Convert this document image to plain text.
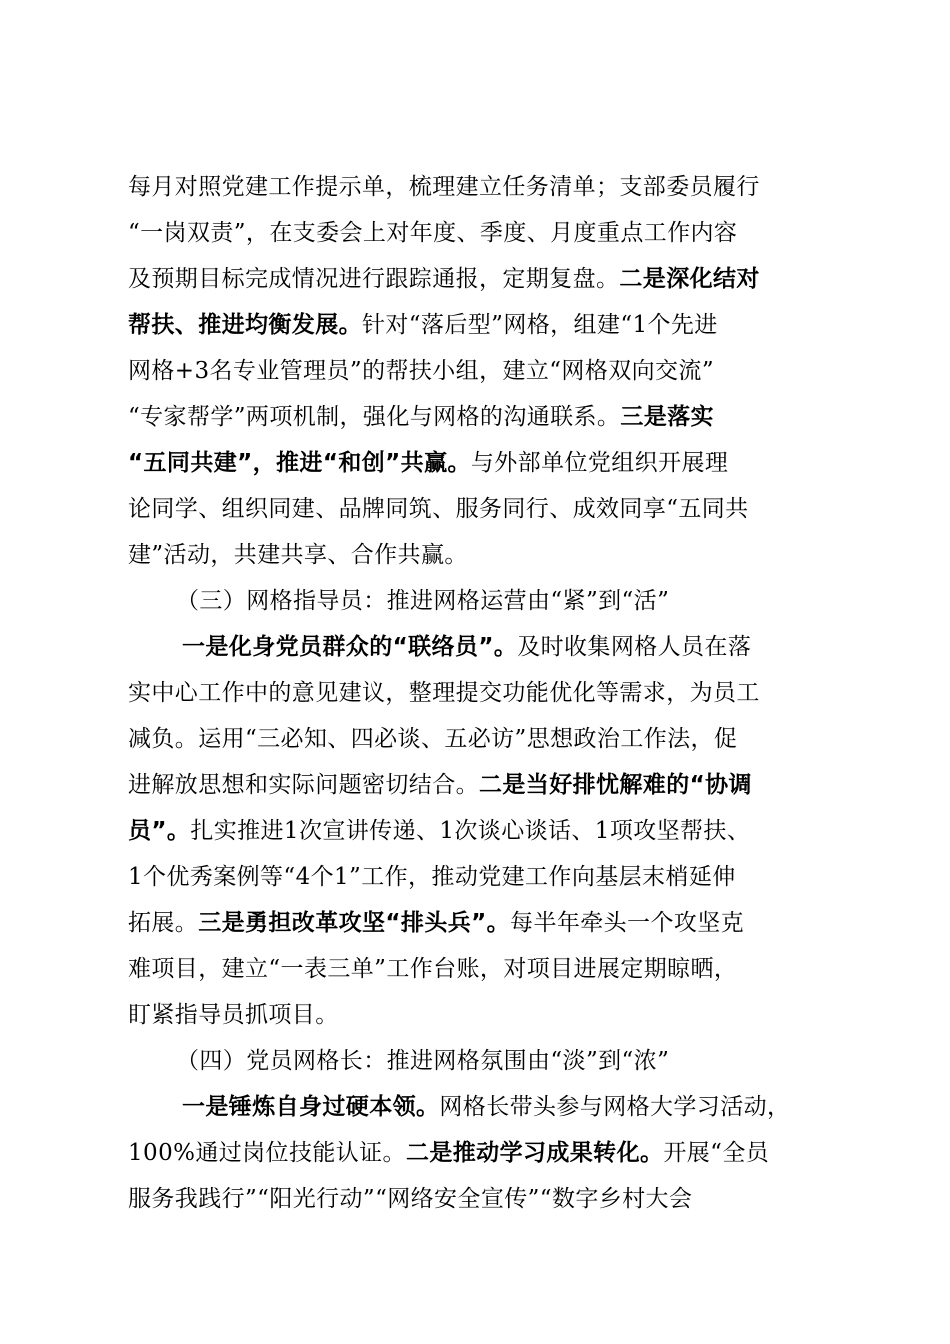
每月对照党建工作提示单，梳理建立任务清单；支部委员履行
“一岗双责”，在支委会上对年度、季度、月度重点工作内容
及预期目标完成情况进行跟踪通报，定期复盘。二是深化结对
帮扶、推进均衡发展。针对“落后型”网格，组建“1个先进
网格+3名专业管理员”的帮扶小组，建立“网格双向交流”
“专家帮学”两项机制，强化与网格的沟通联系。三是落实
“五同共建”，推进“和创”共赢。与外部单位党组织开展理
论同学、组织同建、品牌同筑、服务同行、成效同享“五同共
建”活动，共建共享、合作共赢。
（三）网格指导员：推进网格运营由“紧”到“活”
一是化身党员群众的“联络员”。及时收集网格人员在落
实中心工作中的意见建议，整理提交功能优化等需求，为员工
减负。运用“三必知、四必谈、五必访”思想政治工作法，促
进解放思想和实际问题密切结合。二是当好排忧解难的“协调
员”。扎实推进1次宣讲传递、1次谈心谈话、1项攻坚帮扶、
1个优秀案例等“4个1”工作，推动党建工作向基层末梢延伸
拓展。三是勇担改革攻坚“排头兵”。每半年牵头一个攻坚克
难项目，建立“一表三单”工作台账，对项目进展定期晾晒，
盯紧指导员抓项目。
（四）党员网格长：推进网格氛围由“淡”到“浓”
一是锤炼自身过硬本领。网格长带头参与网格大学习活动，
100%通过岗位技能认证。二是推动学习成果转化。开展“全员
服务我践行”“阳光行动”“网络安全宣传”“数字乡村大会
